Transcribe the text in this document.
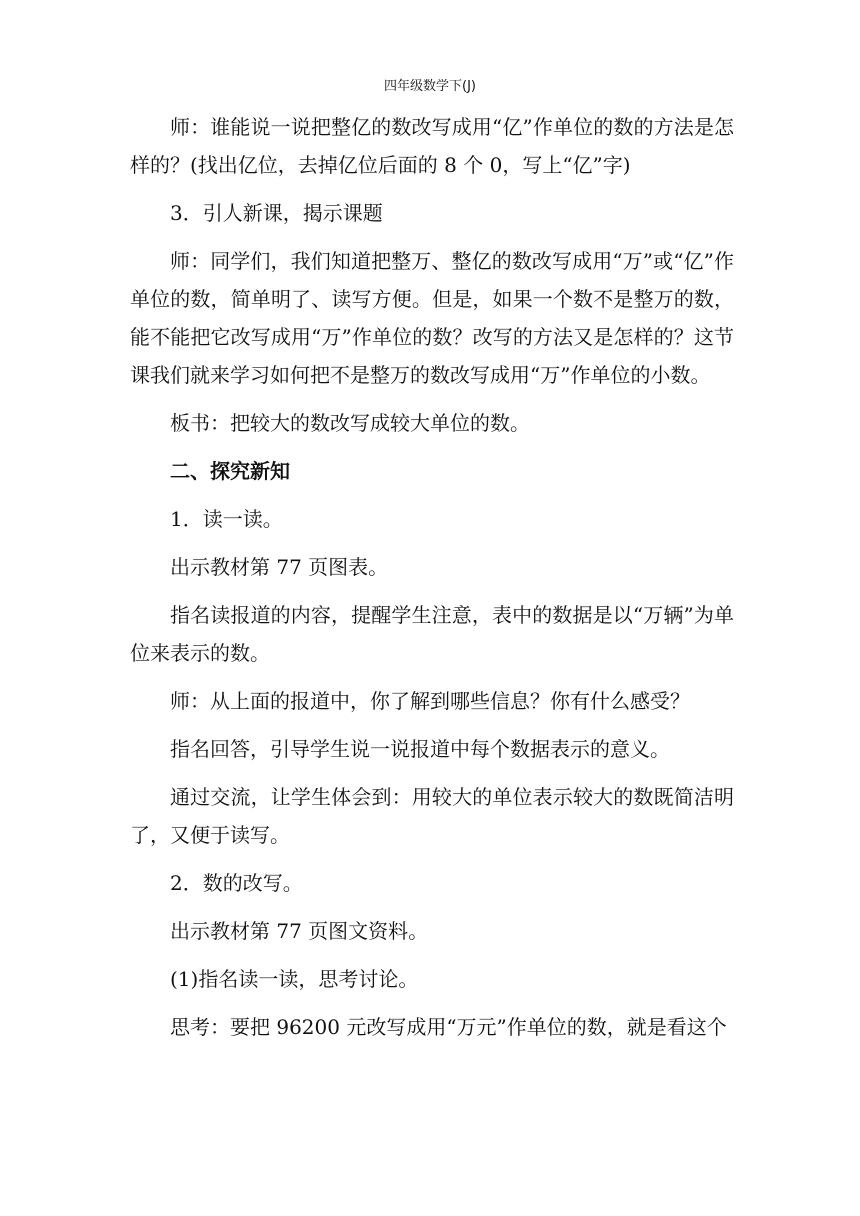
四年级数学下(J)

师：谁能说一说把整亿的数改写成用“亿”作单位的数的方法是怎样的？(找出亿位，去掉亿位后面的 8 个 0，写上“亿”字)

3．引人新课，揭示课题

师：同学们，我们知道把整万、整亿的数改写成用“万”或“亿”作单位的数，简单明了、读写方便。但是，如果一个数不是整万的数，能不能把它改写成用“万”作单位的数？改写的方法又是怎样的？这节课我们就来学习如何把不是整万的数改写成用“万”作单位的小数。

板书：把较大的数改写成较大单位的数。

二、探究新知

1．读一读。

出示教材第 77 页图表。

指名读报道的内容，提醒学生注意，表中的数据是以“万辆”为单位来表示的数。

师：从上面的报道中，你了解到哪些信息？你有什么感受？

指名回答，引导学生说一说报道中每个数据表示的意义。

通过交流，让学生体会到：用较大的单位表示较大的数既简洁明了，又便于读写。

2．数的改写。

出示教材第 77 页图文资料。

(1)指名读一读，思考讨论。

思考：要把 96200 元改写成用“万元”作单位的数，就是看这个
